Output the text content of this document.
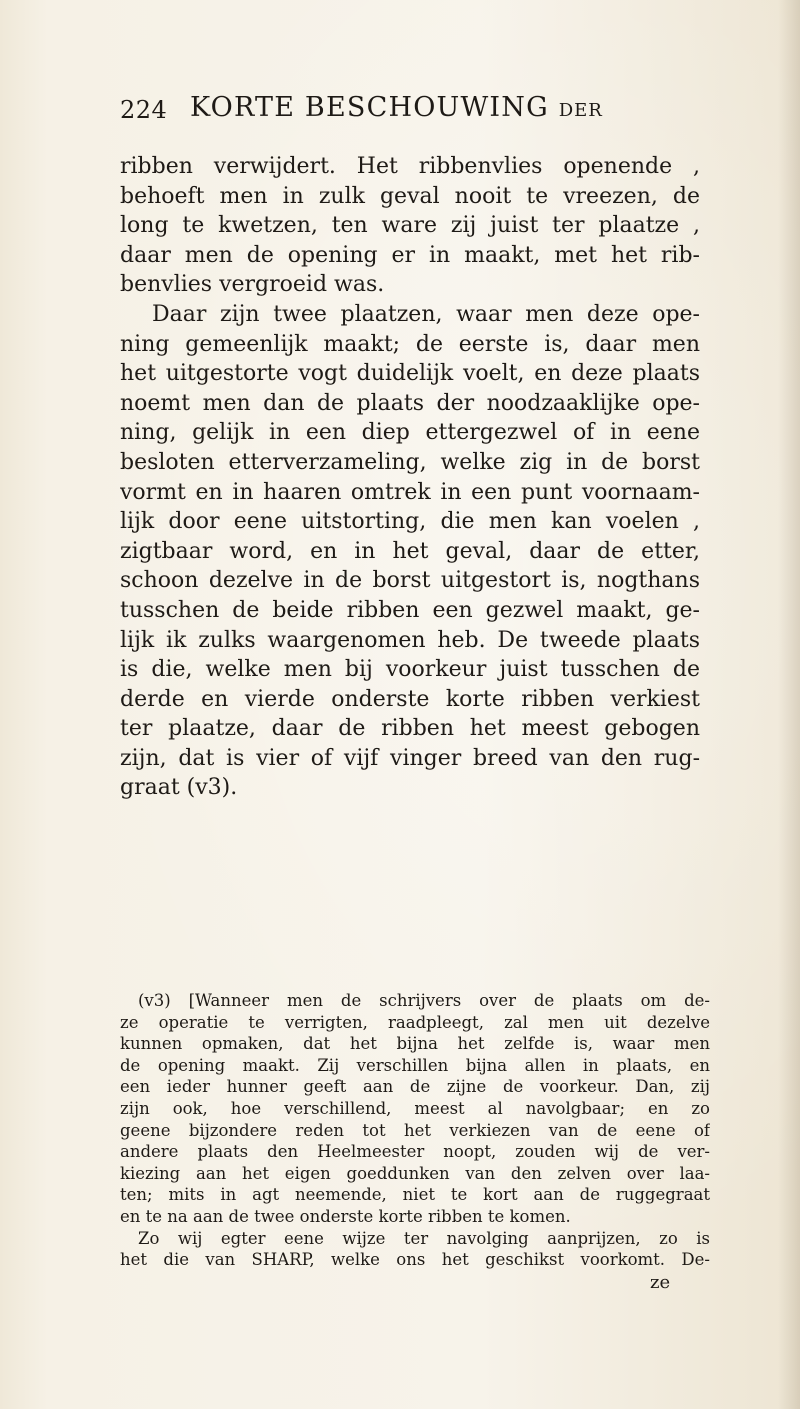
224 KORTE BESCHOUWING DER
ribben verwijdert. Het ribbenvlies openende ,
behoeft men in zulk geval nooit te vreezen, de
long te kwetzen, ten ware zij juist ter plaatze ,
daar men de opening er in maakt, met het rib-
benvlies vergroeid was.
Daar zijn twee plaatzen, waar men deze ope-
ning gemeenlijk maakt; de eerste is, daar men
het uitgestorte vogt duidelijk voelt, en deze plaats
noemt men dan de plaats der noodzaaklijke ope-
ning, gelijk in een diep ettergezwel of in eene
besloten etterverzameling, welke zig in de borst
vormt en in haaren omtrek in een punt voornaam-
lijk door eene uitstorting, die men kan voelen ,
zigtbaar word, en in het geval, daar de etter,
schoon dezelve in de borst uitgestort is, nogthans
tusschen de beide ribben een gezwel maakt, ge-
lijk ik zulks waargenomen heb. De tweede plaats
is die, welke men bij voorkeur juist tusschen de
derde en vierde onderste korte ribben verkiest
ter plaatze, daar de ribben het meest gebogen
zijn, dat is vier of vijf vinger breed van den rug-
graat (v3).
(v3) [Wanneer men de schrijvers over de plaats om de-
ze operatie te verrigten, raadpleegt, zal men uit dezelve
kunnen opmaken, dat het bijna het zelfde is, waar men
de opening maakt. Zij verschillen bijna allen in plaats, en
een ieder hunner geeft aan de zijne de voorkeur. Dan, zij
zijn ook, hoe verschillend, meest al navolgbaar; en zo
geene bijzondere reden tot het verkiezen van de eene of
andere plaats den Heelmeester noopt, zouden wij de ver-
kiezing aan het eigen goeddunken van den zelven over laa-
ten; mits in agt neemende, niet te kort aan de ruggegraat
en te na aan de twee onderste korte ribben te komen.
Zo wij egter eene wijze ter navolging aanprijzen, zo is
het die van SHARP, welke ons het geschikst voorkomt. De-
ze
